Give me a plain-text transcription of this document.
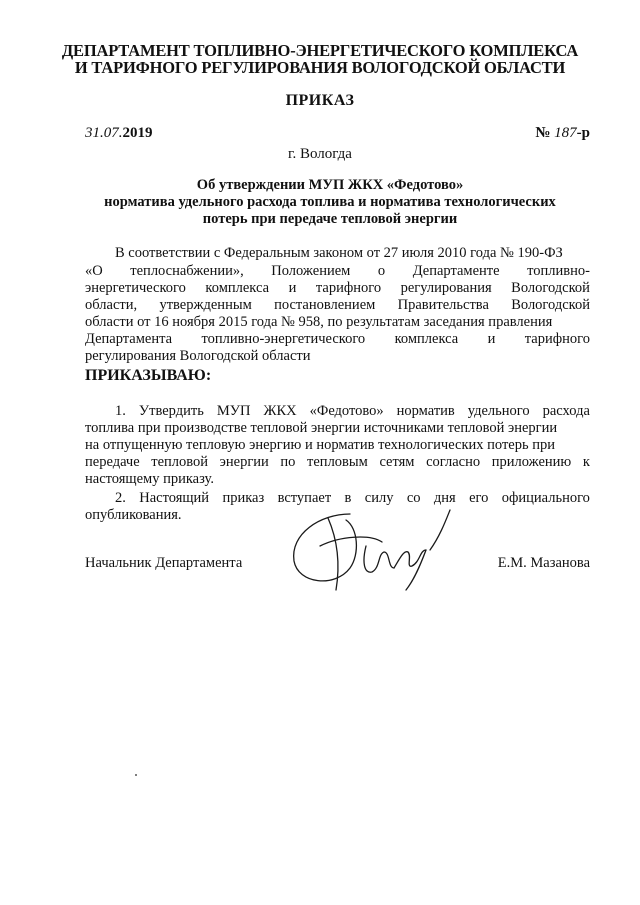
ДЕПАРТАМЕНТ ТОПЛИВНО-ЭНЕРГЕТИЧЕСКОГО КОМПЛЕКСА
И ТАРИФНОГО РЕГУЛИРОВАНИЯ ВОЛОГОДСКОЙ ОБЛАСТИ
ПРИКАЗ
31.07.2019	№ 187-р
г. Вологда
Об утверждении МУП ЖКХ «Федотово»
норматива удельного расхода топлива и норматива технологических
потерь при передаче тепловой энергии
В соответствии с Федеральным законом от 27 июля 2010 года № 190-ФЗ
«О теплоснабжении», Положением о Департаменте топливно-
энергетического комплекса и тарифного регулирования Вологодской
области, утвержденным постановлением Правительства Вологодской
области от 16 ноября 2015 года № 958, по результатам заседания правления
Департамента топливно-энергетического комплекса и тарифного
регулирования Вологодской области
ПРИКАЗЫВАЮ:
1. Утвердить МУП ЖКХ «Федотово» норматив удельного расхода
топлива при производстве тепловой энергии источниками тепловой энергии
на отпущенную тепловую энергию и норматив технологических потерь при
передаче тепловой энергии по тепловым сетям согласно приложению к
настоящему приказу.
2. Настоящий приказ вступает в силу со дня его официального
опубликования.
Начальник Департамента	Е.М. Мазанова
